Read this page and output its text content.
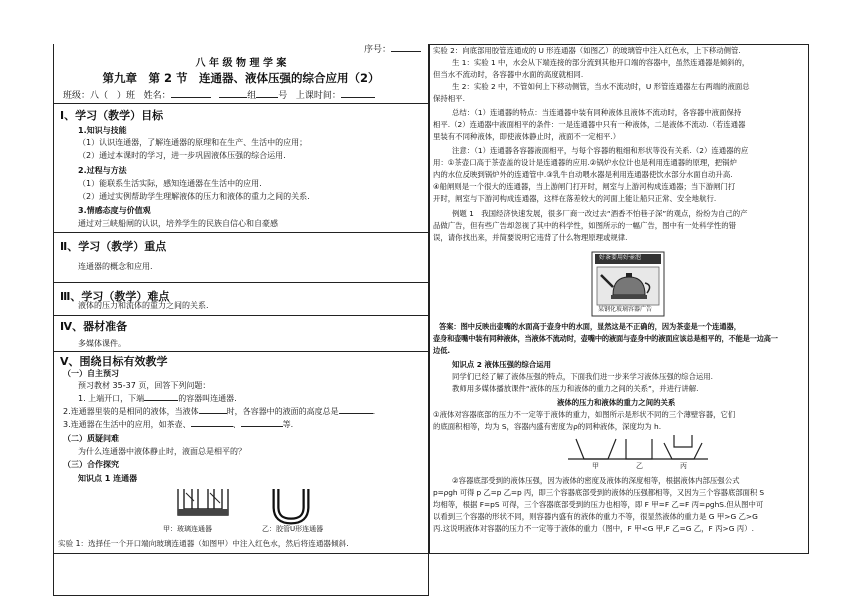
序号：
八 年 级 物 理 学 案
第九章　第 2 节　连通器、液体压强的综合应用（2）
班级：八（　）班 姓名：	组 号 上课时间：
Ⅰ、学习（教学）目标
1.知识与技能
（1）认识连通器，了解连通器的原理和在生产、生活中的应用；
（2）通过本课时的学习，进一步巩固液体压强的综合运用.
2.过程与方法
（1）能联系生活实际，感知连通器在生活中的应用.
（2）通过实例帮助学生理解液体的压力和液体的重力之间的关系.
3.情感态度与价值观
通过对三峡船闸的认识，培养学生的民族自信心和自豪感
Ⅱ、学习（教学）重点
连通器的概念和应用.
Ⅲ、学习（教学）难点
液体的压力和流体的重力之间的关系.
Ⅳ、器材准备
多媒体课件。
Ⅴ、围绕目标有效教学
（一）自主预习
预习教材 35-37 页，回答下列问题：
1. 上端开口，下端	的容器叫连通器.
2.连通器里装的是相同的液体，当液体	时，各容器中的液面的高度总是	.
3.连通器在生活中的应用，如茶壶、	、	等.
（二）质疑问难
为什么连通器中液体静止时，液面总是相平的？
（三）合作探究
知识点 1 连通器
甲：玻璃连通器	乙：胶管U形连通器
实验 1：选择任一个开口端向玻璃连通器（如图甲）中注入红色水，然后将连通器倾斜.
实验 2：向底部用胶管连通成的 U 形连通器（如图乙）的玻璃管中注入红色水，上下移动侧管.
生 1：实验 1 中，水会从下端连接的部分流到其他开口端的容器中，虽然连通器是倾斜的，
但当水不流动时，各容器中水面的高度就相同.
生 2：实验 2 中，不管如何上下移动侧管，当水不流动时，U 形管连通器左右两端的液面总
保持相平.
总结：（1）连通器的特点：当连通器中装有同种液体且液体不流动时，各容器中液面保持
相平.（2）连通器中液面相平的条件：一是连通器中只有一种液体，二是液体不流动.（若连通器
里装有不同种液体，即使液体静止时，液面不一定相平.）
注意：（1）连通器各容器液面相平，与每个容器的粗细和形状等没有关系.（2）连通器的应
用：①茶壶口高于茶壶盖的设计是连通器的应用.②锅炉水位计也是利用连通器的原理，把锅炉
内的水位反映到锅炉外的连通管中.③乳牛自动喂水器是利用连通器使饮水部分水面自动升高.
④船闸则是一个很大的连通器，当上游闸门打开时，闸室与上游河构成连通器；当下游闸门打
开时，闸室与下游河构成连通器，这样在落差较大的河面上能让船只正常、安全地航行.
例题 1　我国经济快速发展，很多厂商一改过去“酒香不怕巷子深”的观点，纷纷为自己的产
品做广告，但有些广告却忽视了其中的科学性，如图所示的一幅广告，图中有一处科学性的错
误，请你找出来，并简要说明它违背了什么物理原理或规律.
好茶要用好壶泡
某钢化玻璃容器广告
答案：图中反映出壶嘴的水面高于壶身中的水面，显然这是不正确的，因为茶壶是一个连通器，
壶身和壶嘴中装有同种液体，当液体不流动时，壶嘴中的液面与壶身中的液面应该总是相平的，不能是一边高一
边低.
知识点 2 液体压强的综合运用
同学们已经了解了液体压强的特点，下面我们进一步来学习液体压强的综合运用.
教师用多媒体播放课件“液体的压力和液体的重力之间的关系”，并进行讲解.
液体的压力和液体的重力之间的关系
①液体对容器底部的压力不一定等于液体的重力，如图所示是形状不同的三个薄壁容器，它们
的底面积相等，均为 S，容器内盛有密度为ρ的同种液体，深度均为 h.
甲	乙	丙
②容器底部受到的液体压强，因为液体的密度及液体的深度相等，根据液体内部压强公式
p=ρgh 可得 p 乙=p 乙=p 丙，即三个容器底部受到的液体的压强都相等，又因为三个容器底部面积 S
均相等，根据 F=pS 可得，三个容器底部受到的压力也相等，即 F 甲=F 乙=F 丙=ρghS.但从图中可
以看到三个容器的形状不同，则容器内盛有的液体的重力不等，很显然液体的重力是 G 甲>G 乙>G
丙.这说明液体对容器的压力不一定等于液体的重力（图中，F 甲<G 甲,F 乙=G 乙，F 丙>G 丙）.
